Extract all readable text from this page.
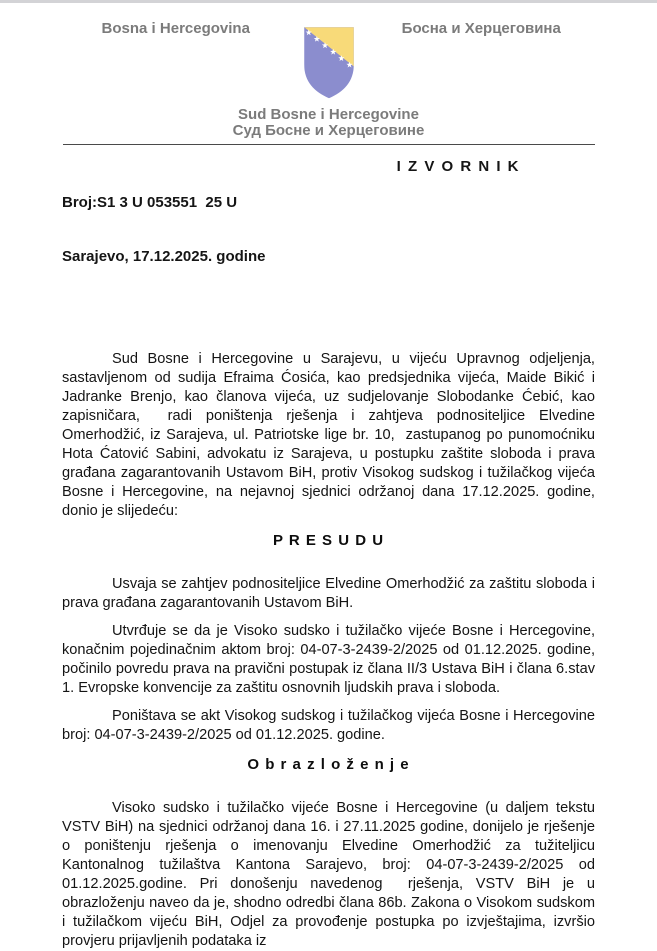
Bosna i Hercegovina	Босна и Херцеговина
Sud Bosne i Hercegovine
Суд Босне и Херцеговине

Broj:S1 3 U 053551  25 U

Sarajevo, 17.12.2025. godine

I Z V O R N I K

Sud Bosne i Hercegovine u Sarajevu, u vijeću Upravnog odjeljenja, sastavljenom od sudija Efraima Ćosića, kao predsjednika vijeća, Maide Bikić i Jadranke Brenjo, kao članova vijeća, uz sudjelovanje Slobodanke Ćebić, kao zapisničara,  radi poništenja rješenja i zahtjeva podnositeljice Elvedine Omerhodžić, iz Sarajeva, ul. Patriotske lige br. 10,  zastupanog po punomoćniku Hota Ćatović Sabini, advokatu iz Sarajeva, u postupku zaštite sloboda i prava građana zagarantovanih Ustavom BiH, protiv Visokog sudskog i tužilačkog vijeća Bosne i Hercegovine, na nejavnoj sjednici održanoj dana 17.12.2025. godine, donio je slijedeću:

P R E S U D U

Usvaja se zahtjev podnositeljice Elvedine Omerhodžić za zaštitu sloboda i prava građana zagarantovanih Ustavom BiH.

Utvrđuje se da je Visoko sudsko i tužilačko vijeće Bosne i Hercegovine, konačnim pojedinačnim aktom broj: 04-07-3-2439-2/2025 od 01.12.2025. godine, počinilo povredu prava na pravični postupak iz člana II/3 Ustava BiH i člana 6.stav 1. Evropske konvencije za zaštitu osnovnih ljudskih prava i sloboda.

Poništava se akt Visokog sudskog i tužilačkog vijeća Bosne i Hercegovine broj: 04-07-3-2439-2/2025 od 01.12.2025. godine.

O b r a z l o ž e n j e

Visoko sudsko i tužilačko vijeće Bosne i Hercegovine (u daljem tekstu VSTV BiH) na sjednici održanoj dana 16. i 27.11.2025 godine, donijelo je rješenje o poništenju rješenja o imenovanju Elvedine Omerhodžić za tužiteljicu Kantonalnog tužilaštva Kantona Sarajevo, broj: 04-07-3-2439-2/2025 od 01.12.2025.godine. Pri donošenju navedenog  rješenja, VSTV BiH je u obrazloženju naveo da je, shodno odredbi člana 86b. Zakona o Visokom sudskom i tužilačkom vijeću BiH, Odjel za provođenje postupka po izvještajima, izvršio provjeru prijavljenih podataka iz
